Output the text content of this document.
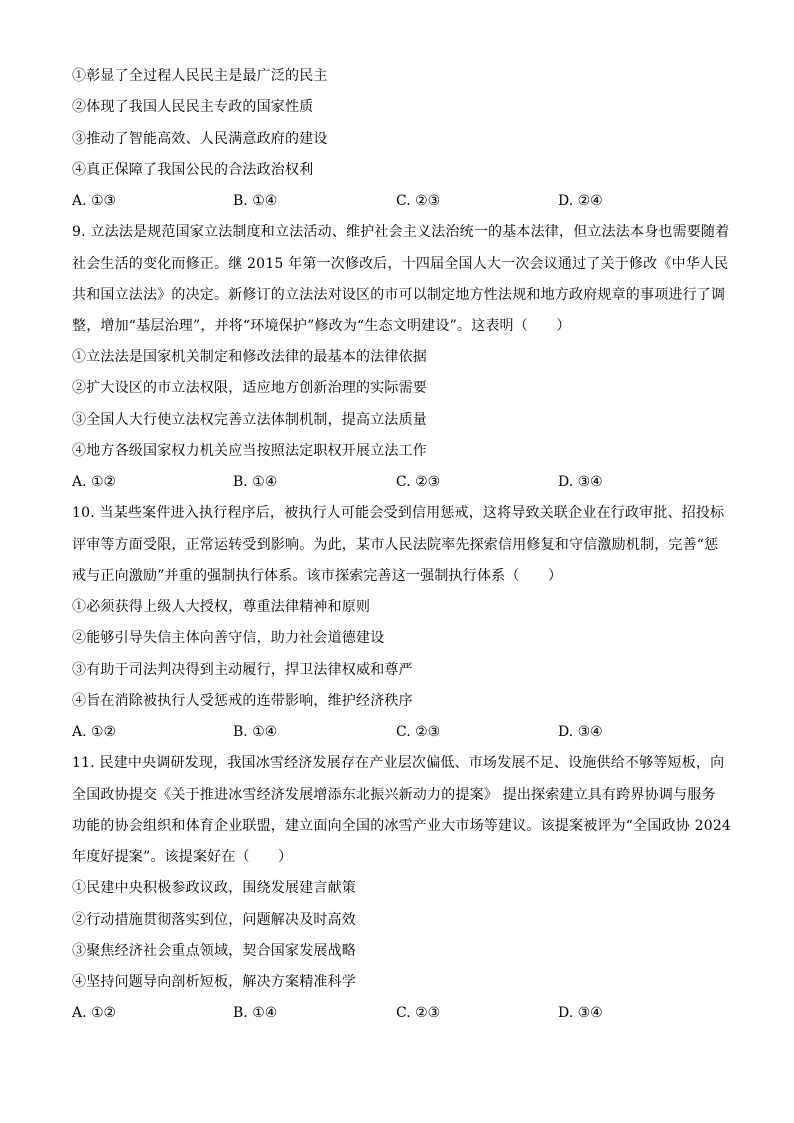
①彰显了全过程人民民主是最广泛的民主
②体现了我国人民民主专政的国家性质
③推动了智能高效、人民满意政府的建设
④真正保障了我国公民的合法政治权利
A. ①③	B. ①④	C. ②③	D. ②④
9. 立法法是规范国家立法制度和立法活动、维护社会主义法治统一的基本法律，但立法法本身也需要随着
社会生活的变化而修正。继 2015 年第一次修改后，十四届全国人大一次会议通过了关于修改《中华人民
共和国立法法》的决定。新修订的立法法对设区的市可以制定地方性法规和地方政府规章的事项进行了调
整，增加“基层治理”，并将“环境保护”修改为“生态文明建设”。这表明（　　）
①立法法是国家机关制定和修改法律的最基本的法律依据
②扩大设区的市立法权限，适应地方创新治理的实际需要
③全国人大行使立法权完善立法体制机制，提高立法质量
④地方各级国家权力机关应当按照法定职权开展立法工作
A. ①②	B. ①④	C. ②③	D. ③④
10. 当某些案件进入执行程序后，被执行人可能会受到信用惩戒，这将导致关联企业在行政审批、招投标
评审等方面受限，正常运转受到影响。为此，某市人民法院率先探索信用修复和守信激励机制，完善“惩
戒与正向激励”并重的强制执行体系。该市探索完善这一强制执行体系（　　）
①必须获得上级人大授权，尊重法律精神和原则
②能够引导失信主体向善守信，助力社会道德建设
③有助于司法判决得到主动履行，捍卫法律权威和尊严
④旨在消除被执行人受惩戒的连带影响，维护经济秩序
A. ①②	B. ①④	C. ②③	D. ③④
11. 民建中央调研发现，我国冰雪经济发展存在产业层次偏低、市场发展不足、设施供给不够等短板，向
全国政协提交《关于推进冰雪经济发展增添东北振兴新动力的提案》 提出探索建立具有跨界协调与服务
功能的协会组织和体育企业联盟，建立面向全国的冰雪产业大市场等建议。该提案被评为“全国政协 2024
年度好提案”。该提案好在（　　）
①民建中央积极参政议政，围绕发展建言献策
②行动措施贯彻落实到位，问题解决及时高效
③聚焦经济社会重点领域，契合国家发展战略
④坚持问题导向剖析短板，解决方案精准科学
A. ①②	B. ①④	C. ②③	D. ③④
